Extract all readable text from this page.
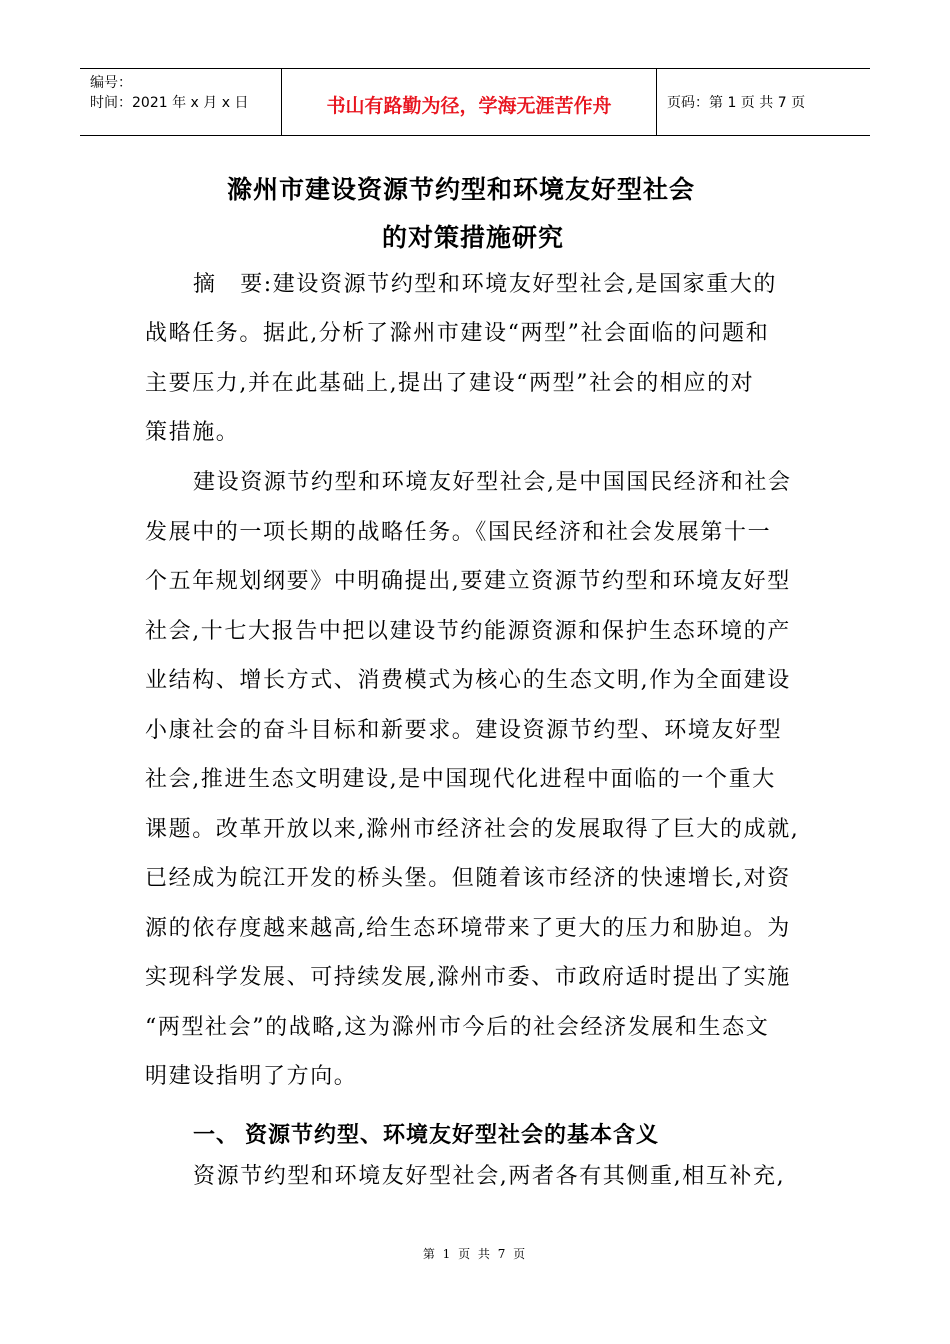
编号：
时间：2021 年 x 月 x 日	书山有路勤为径，学海无涯苦作舟	页码：第 1 页 共 7 页
滁州市建设资源节约型和环境友好型社会
的对策措施研究
摘　要:建设资源节约型和环境友好型社会,是国家重大的
战略任务。据此,分析了滁州市建设“两型”社会面临的问题和
主要压力,并在此基础上,提出了建设“两型”社会的相应的对
策措施。
建设资源节约型和环境友好型社会,是中国国民经济和社会
发展中的一项长期的战略任务。《国民经济和社会发展第十一
个五年规划纲要》中明确提出,要建立资源节约型和环境友好型
社会,十七大报告中把以建设节约能源资源和保护生态环境的产
业结构、增长方式、消费模式为核心的生态文明,作为全面建设
小康社会的奋斗目标和新要求。建设资源节约型、环境友好型
社会,推进生态文明建设,是中国现代化进程中面临的一个重大
课题。改革开放以来,滁州市经济社会的发展取得了巨大的成就,
已经成为皖江开发的桥头堡。但随着该市经济的快速增长,对资
源的依存度越来越高,给生态环境带来了更大的压力和胁迫。为
实现科学发展、可持续发展,滁州市委、市政府适时提出了实施
“两型社会”的战略,这为滁州市今后的社会经济发展和生态文
明建设指明了方向。
资源节约型和环境友好型社会,两者各有其侧重,相互补充,
一、 资源节约型、环境友好型社会的基本含义
第 1 页 共 7 页
